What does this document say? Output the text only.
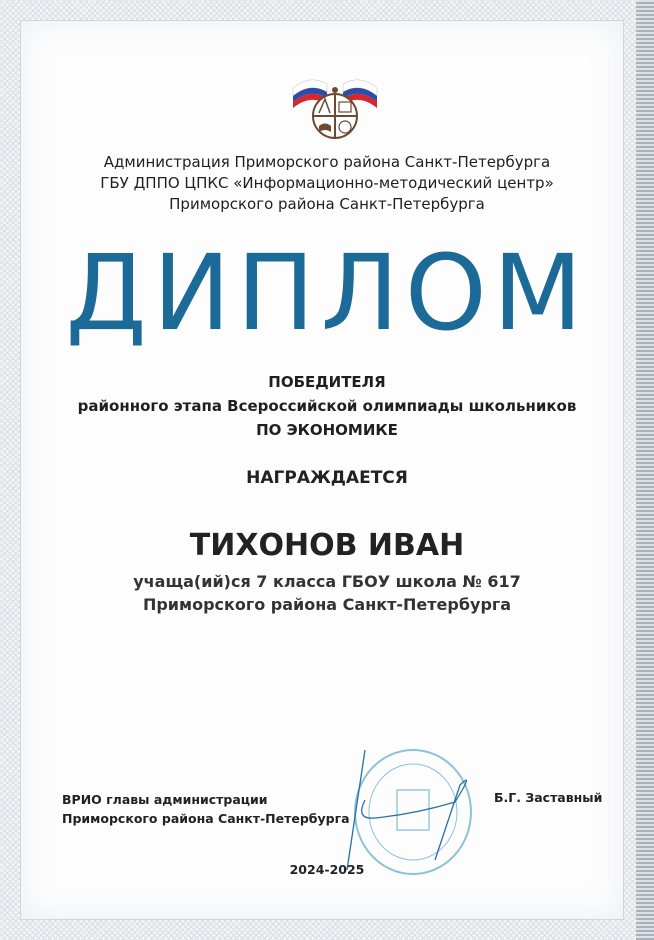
Администрация Приморского района Санкт-Петербурга
ГБУ ДППО ЦПКС «Информационно-методический центр»
Приморского района Санкт-Петербурга
ДИПЛОМ
ПОБЕДИТЕЛЯ
районного этапа Всероссийской олимпиады школьников
ПО ЭКОНОМИКЕ
НАГРАЖДАЕТСЯ
ТИХОНОВ ИВАН
учаща(ий)ся 7 класса ГБОУ школа № 617
Приморского района Санкт-Петербурга
ВРИО главы администрации
Приморского района Санкт-Петербурга
Б.Г. Заставный
2024-2025
